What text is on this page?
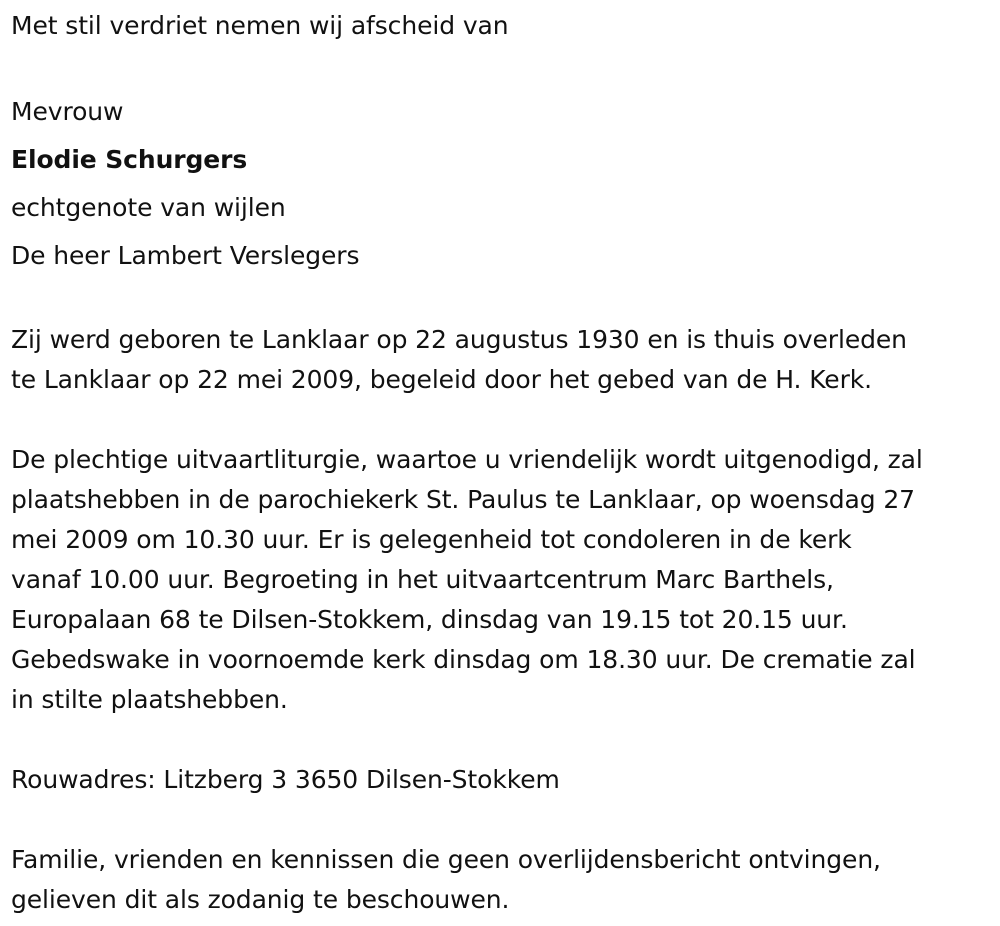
Met stil verdriet nemen wij afscheid van
Mevrouw
Elodie Schurgers
echtgenote van wijlen
De heer Lambert Verslegers
Zij werd geboren te Lanklaar op 22 augustus 1930 en is thuis overleden
te Lanklaar op 22 mei 2009, begeleid door het gebed van de H. Kerk.
De plechtige uitvaartliturgie, waartoe u vriendelijk wordt uitgenodigd, zal
plaatshebben in de parochiekerk St. Paulus te Lanklaar, op woensdag 27
mei 2009 om 10.30 uur. Er is gelegenheid tot condoleren in de kerk
vanaf 10.00 uur. Begroeting in het uitvaartcentrum Marc Barthels,
Europalaan 68 te Dilsen-Stokkem, dinsdag van 19.15 tot 20.15 uur.
Gebedswake in voornoemde kerk dinsdag om 18.30 uur. De crematie zal
in stilte plaatshebben.
Rouwadres: Litzberg 3 3650 Dilsen-Stokkem
Familie, vrienden en kennissen die geen overlijdensbericht ontvingen,
gelieven dit als zodanig te beschouwen.
